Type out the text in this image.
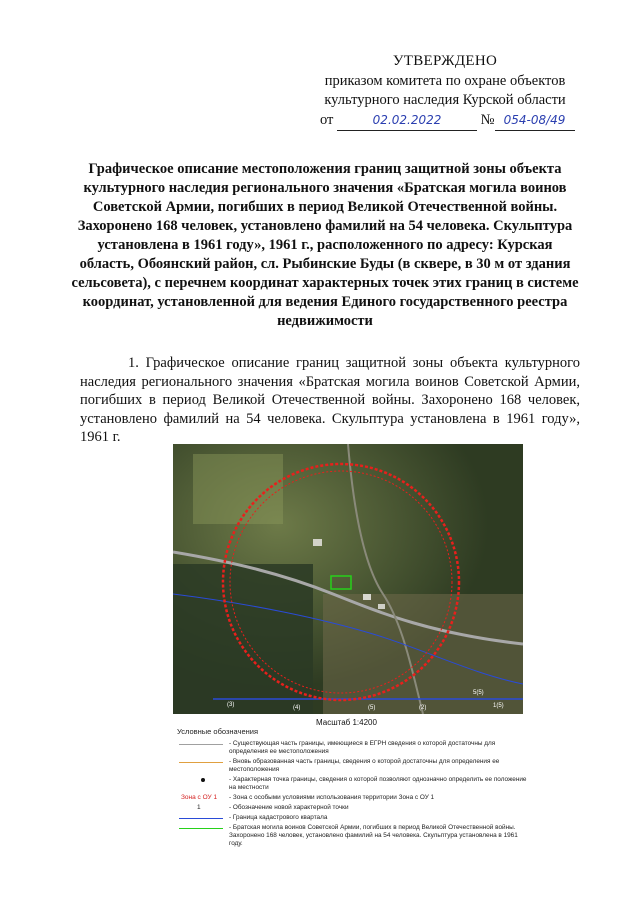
УТВЕРЖДЕНО
приказом комитета по охране объектов
культурного наследия Курской области
от	02.02.2022	№ 054-08/49
Графическое описание местоположения границ защитной зоны объекта культурного наследия регионального значения «Братская могила воинов Советской Армии, погибших в период Великой Отечественной войны. Захоронено 168 человек, установлено фамилий на 54 человека. Скульптура установлена в 1961 году», 1961 г., расположенного по адресу: Курская область, Обоянский район, сл. Рыбинские Буды (в сквере, в 30 м от здания сельсовета), с перечнем координат характерных точек этих границ в системе координат, установленной для ведения Единого государственного реестра недвижимости
1. Графическое описание границ защитной зоны объекта культурного наследия регионального значения «Братская могила воинов Советской Армии, погибших в период Великой Отечественной войны. Захоронено 168 человек, установлено фамилий на 54 человека. Скульптура установлена в 1961 году», 1961 г.
(4)	(5)
5(5)
1(5)
(3)	(2)
Масштаб 1:4200
Условные обозначения
- Существующая часть границы, имеющиеся в ЕГРН сведения о которой достаточны для определения ее местоположения
- Вновь образованная часть границы, сведения о которой достаточны для определения ее местоположения
- Характерная точка границы, сведения о которой позволяют однозначно определить ее положение на местности
Зона с ОУ 1 - Зона с особыми условиями использования территории Зона с ОУ 1
1	- Обозначение новой характерной точки
- Граница кадастрового квартала
- Братская могила воинов Советской Армии, погибших в период Великой Отечественной войны. Захоронено 168 человек, установлено фамилий на 54 человека. Скульптура установлена в 1961 году.
